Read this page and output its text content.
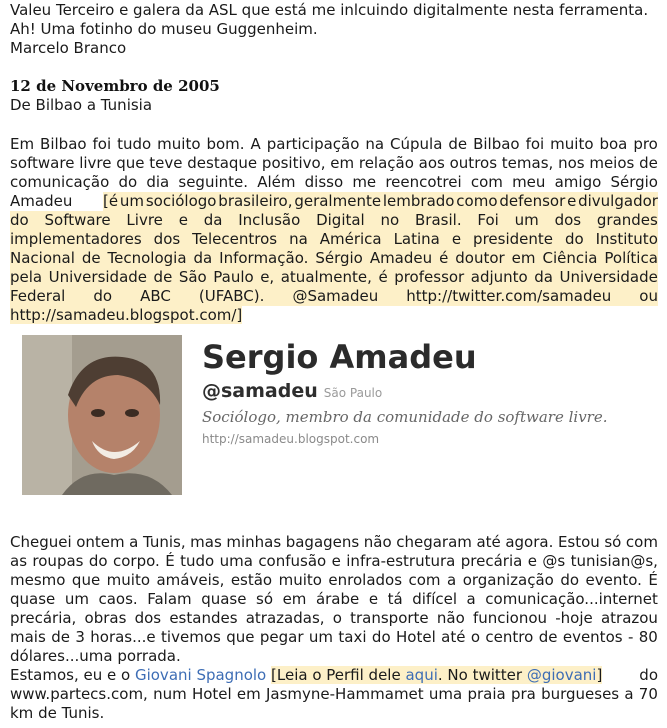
Valeu Terceiro e galera da ASL que está me inlcuindo digitalmente nesta ferramenta.
Ah! Uma fotinho do museu Guggenheim.
Marcelo Branco
12 de Novembro de 2005
De Bilbao a Tunisia
Em Bilbao foi tudo muito bom. A participação na Cúpula de Bilbao foi muito boa pro
software livre que teve destaque positivo, em relação aos outros temas, nos meios de
comunicação do dia seguinte. Além disso me reencotrei com meu amigo Sérgio
Amadeu [é um sociólogo brasileiro, geralmente lembrado como defensor e divulgador
do Software Livre e da Inclusão Digital no Brasil. Foi um dos grandes
implementadores dos Telecentros na América Latina e presidente do Instituto
Nacional de Tecnologia da Informação. Sérgio Amadeu é doutor em Ciência Política
pela Universidade de São Paulo e, atualmente, é professor adjunto da Universidade
Federal do ABC (UFABC). @Samadeu http://twitter.com/samadeu ou
http://samadeu.blogspot.com/]
Sergio Amadeu
@samadeu São Paulo
Sociólogo, membro da comunidade do software livre.
http://samadeu.blogspot.com
Cheguei ontem a Tunis, mas minhas bagagens não chegaram até agora. Estou só com
as roupas do corpo. É tudo uma confusão e infra-estrutura precária e @s tunisian@s,
mesmo que muito amáveis, estão muito enrolados com a organização do evento. É
quase um caos. Falam quase só em árabe e tá difícel a comunicação...internet
precária, obras dos estandes atrazadas, o transporte não funcionou -hoje atrazou
mais de 3 horas...e tivemos que pegar um taxi do Hotel até o centro de eventos - 80
dólares...uma porrada.
Estamos, eu e o Giovani Spagnolo [Leia o Perfil dele aqui. No twitter @giovani] do
www.partecs.com, num Hotel em Jasmyne-Hammamet uma praia pra burgueses a 70
km de Tunis.
